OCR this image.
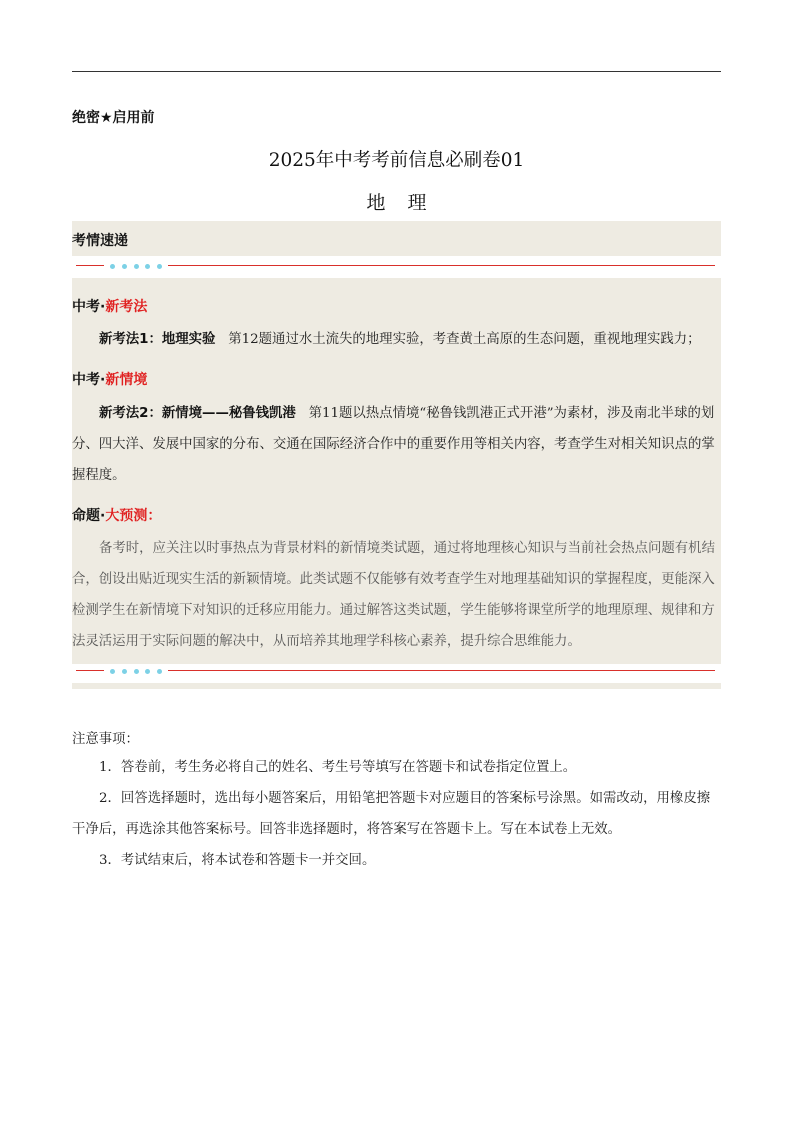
绝密★启用前
2025年中考考前信息必刷卷01
地理
考情速递
中考·新考法

新考法1：地理实验 第12题通过水土流失的地理实验，考查黄土高原的生态问题，重视地理实践力；

中考·新情境

新考法2：新情境——秘鲁钱凯港 第11题以热点情境“秘鲁钱凯港正式开港”为素材，涉及南北半球的划分、四大洋、发展中国家的分布、交通在国际经济合作中的重要作用等相关内容，考查学生对相关知识点的掌握程度。

命题·大预测：

备考时，应关注以时事热点为背景材料的新情境类试题，通过将地理核心知识与当前社会热点问题有机结合，创设出贴近现实生活的新颖情境。此类试题不仅能够有效考查学生对地理基础知识的掌握程度，更能深入检测学生在新情境下对知识的迁移应用能力。通过解答这类试题，学生能够将课堂所学的地理原理、规律和方法灵活运用于实际问题的解决中，从而培养其地理学科核心素养，提升综合思维能力。

注意事项：

1．答卷前，考生务必将自己的姓名、考生号等填写在答题卡和试卷指定位置上。

2．回答选择题时，选出每小题答案后，用铅笔把答题卡对应题目的答案标号涂黑。如需改动，用橡皮擦干净后，再选涂其他答案标号。回答非选择题时，将答案写在答题卡上。写在本试卷上无效。

3．考试结束后，将本试卷和答题卡一并交回。
